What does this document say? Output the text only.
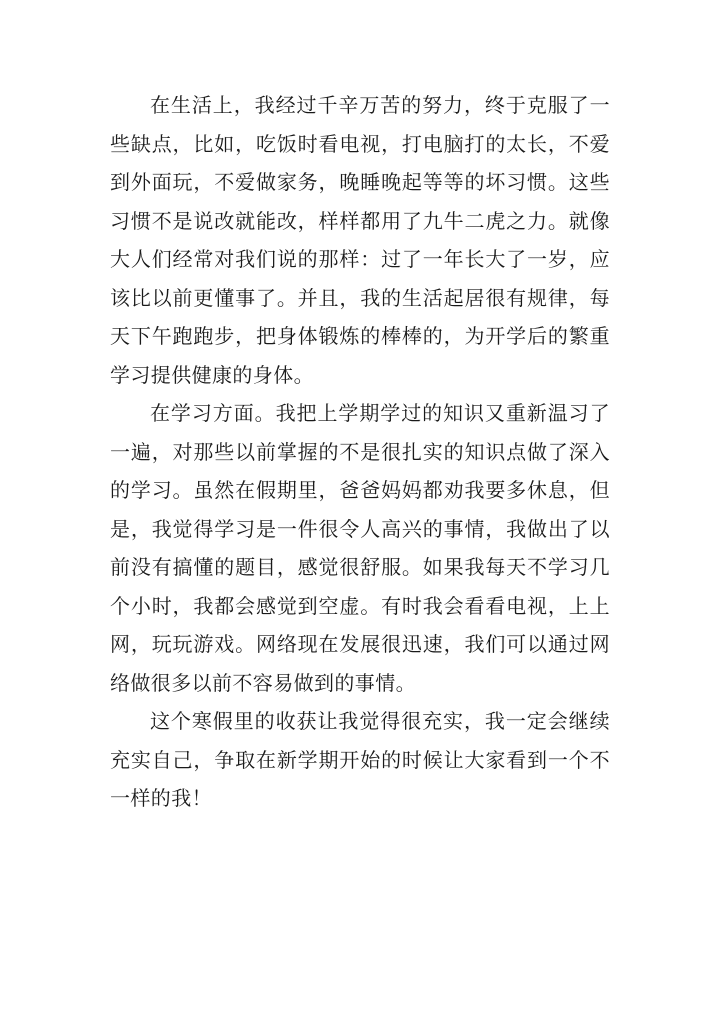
在生活上，我经过千辛万苦的努力，终于克服了一些缺点，比如，吃饭时看电视，打电脑打的太长，不爱到外面玩，不爱做家务，晚睡晚起等等的坏习惯。这些习惯不是说改就能改，样样都用了九牛二虎之力。就像大人们经常对我们说的那样：过了一年长大了一岁，应该比以前更懂事了。并且，我的生活起居很有规律，每天下午跑跑步，把身体锻炼的棒棒的，为开学后的繁重学习提供健康的身体。

在学习方面。我把上学期学过的知识又重新温习了一遍，对那些以前掌握的不是很扎实的知识点做了深入的学习。虽然在假期里，爸爸妈妈都劝我要多休息，但是，我觉得学习是一件很令人高兴的事情，我做出了以前没有搞懂的题目，感觉很舒服。如果我每天不学习几个小时，我都会感觉到空虚。有时我会看看电视，上上网，玩玩游戏。网络现在发展很迅速，我们可以通过网络做很多以前不容易做到的事情。

这个寒假里的收获让我觉得很充实，我一定会继续充实自己，争取在新学期开始的时候让大家看到一个不一样的我！
